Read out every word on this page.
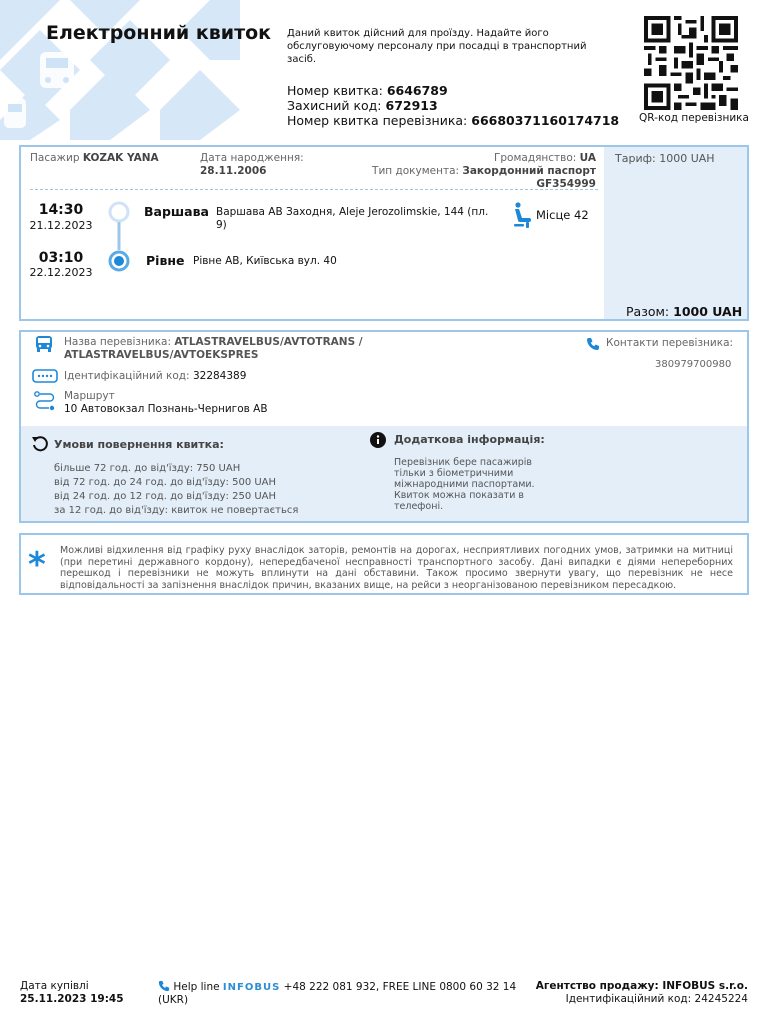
Електронний квиток Даний квиток дійсний для проїзду. Надайте його обслуговуючому персоналу при посадці в транспортний засіб.
Номер квитка: 6646789
Захисний код: 672913
Номер квитка перевізника: 66680371160174718	QR-код перевізника
Тариф: 1000 UAH
Разом: 1000 UAH
Пасажир KOZAK YANA	Дата народження:
28.11.2006
Громадянство: UA
Тип документа: Закордонний паспорт
GF354999
14:30
21.12.2023
Варшава Варшава АВ Заходня, Aleje Jerozolimskie, 144 (пл. 9)
03:10
22.12.2023
Рівне Рівне АВ, Київська вул. 40
Місце 42
Назва перевізника: ATLASTRAVELBUS/AVTOTRANS / ATLASTRAVELBUS/AVTOEKSPRES
Ідентифікаційний код: 32284389
Маршрут
10 Автовокзал Познань-Чернигов АВ
Контакти перевізника:
380979700980
Умови повернення квитка:
більше 72 год. до від'їзду: 750 UAH
від 72 год. до 24 год. до від'їзду: 500 UAH
від 24 год. до 12 год. до від'їзду: 250 UAH
за 12 год. до від'їзду: квиток не повертається
Додаткова інформація:
Перевізник бере пасажирів тільки з біометричними міжнародними паспортами. Квиток можна показати в телефоні.
* Можливі відхилення від графіку руху внаслідок заторів, ремонтів на дорогах, несприятливих погодних умов, затримки на митниці (при перетині державного кордону), непередбаченої несправності транспортного засобу. Дані випадки є діями непереборних перешкод і перевізники не можуть вплинути на дані обставини. Також просимо звернути увагу, що перевізник не несе відповідальності за запізнення внаслідок причин, вказаних вище, на рейси з неорганізованою перевізником пересадкою.
Дата купівлі
25.11.2023 19:45
Help line INFOBUS +48 222 081 932, FREE LINE 0800 60 32 14 (UKR)
Агентство продажу: INFOBUS s.r.o.
Ідентифікаційний код: 24245224
